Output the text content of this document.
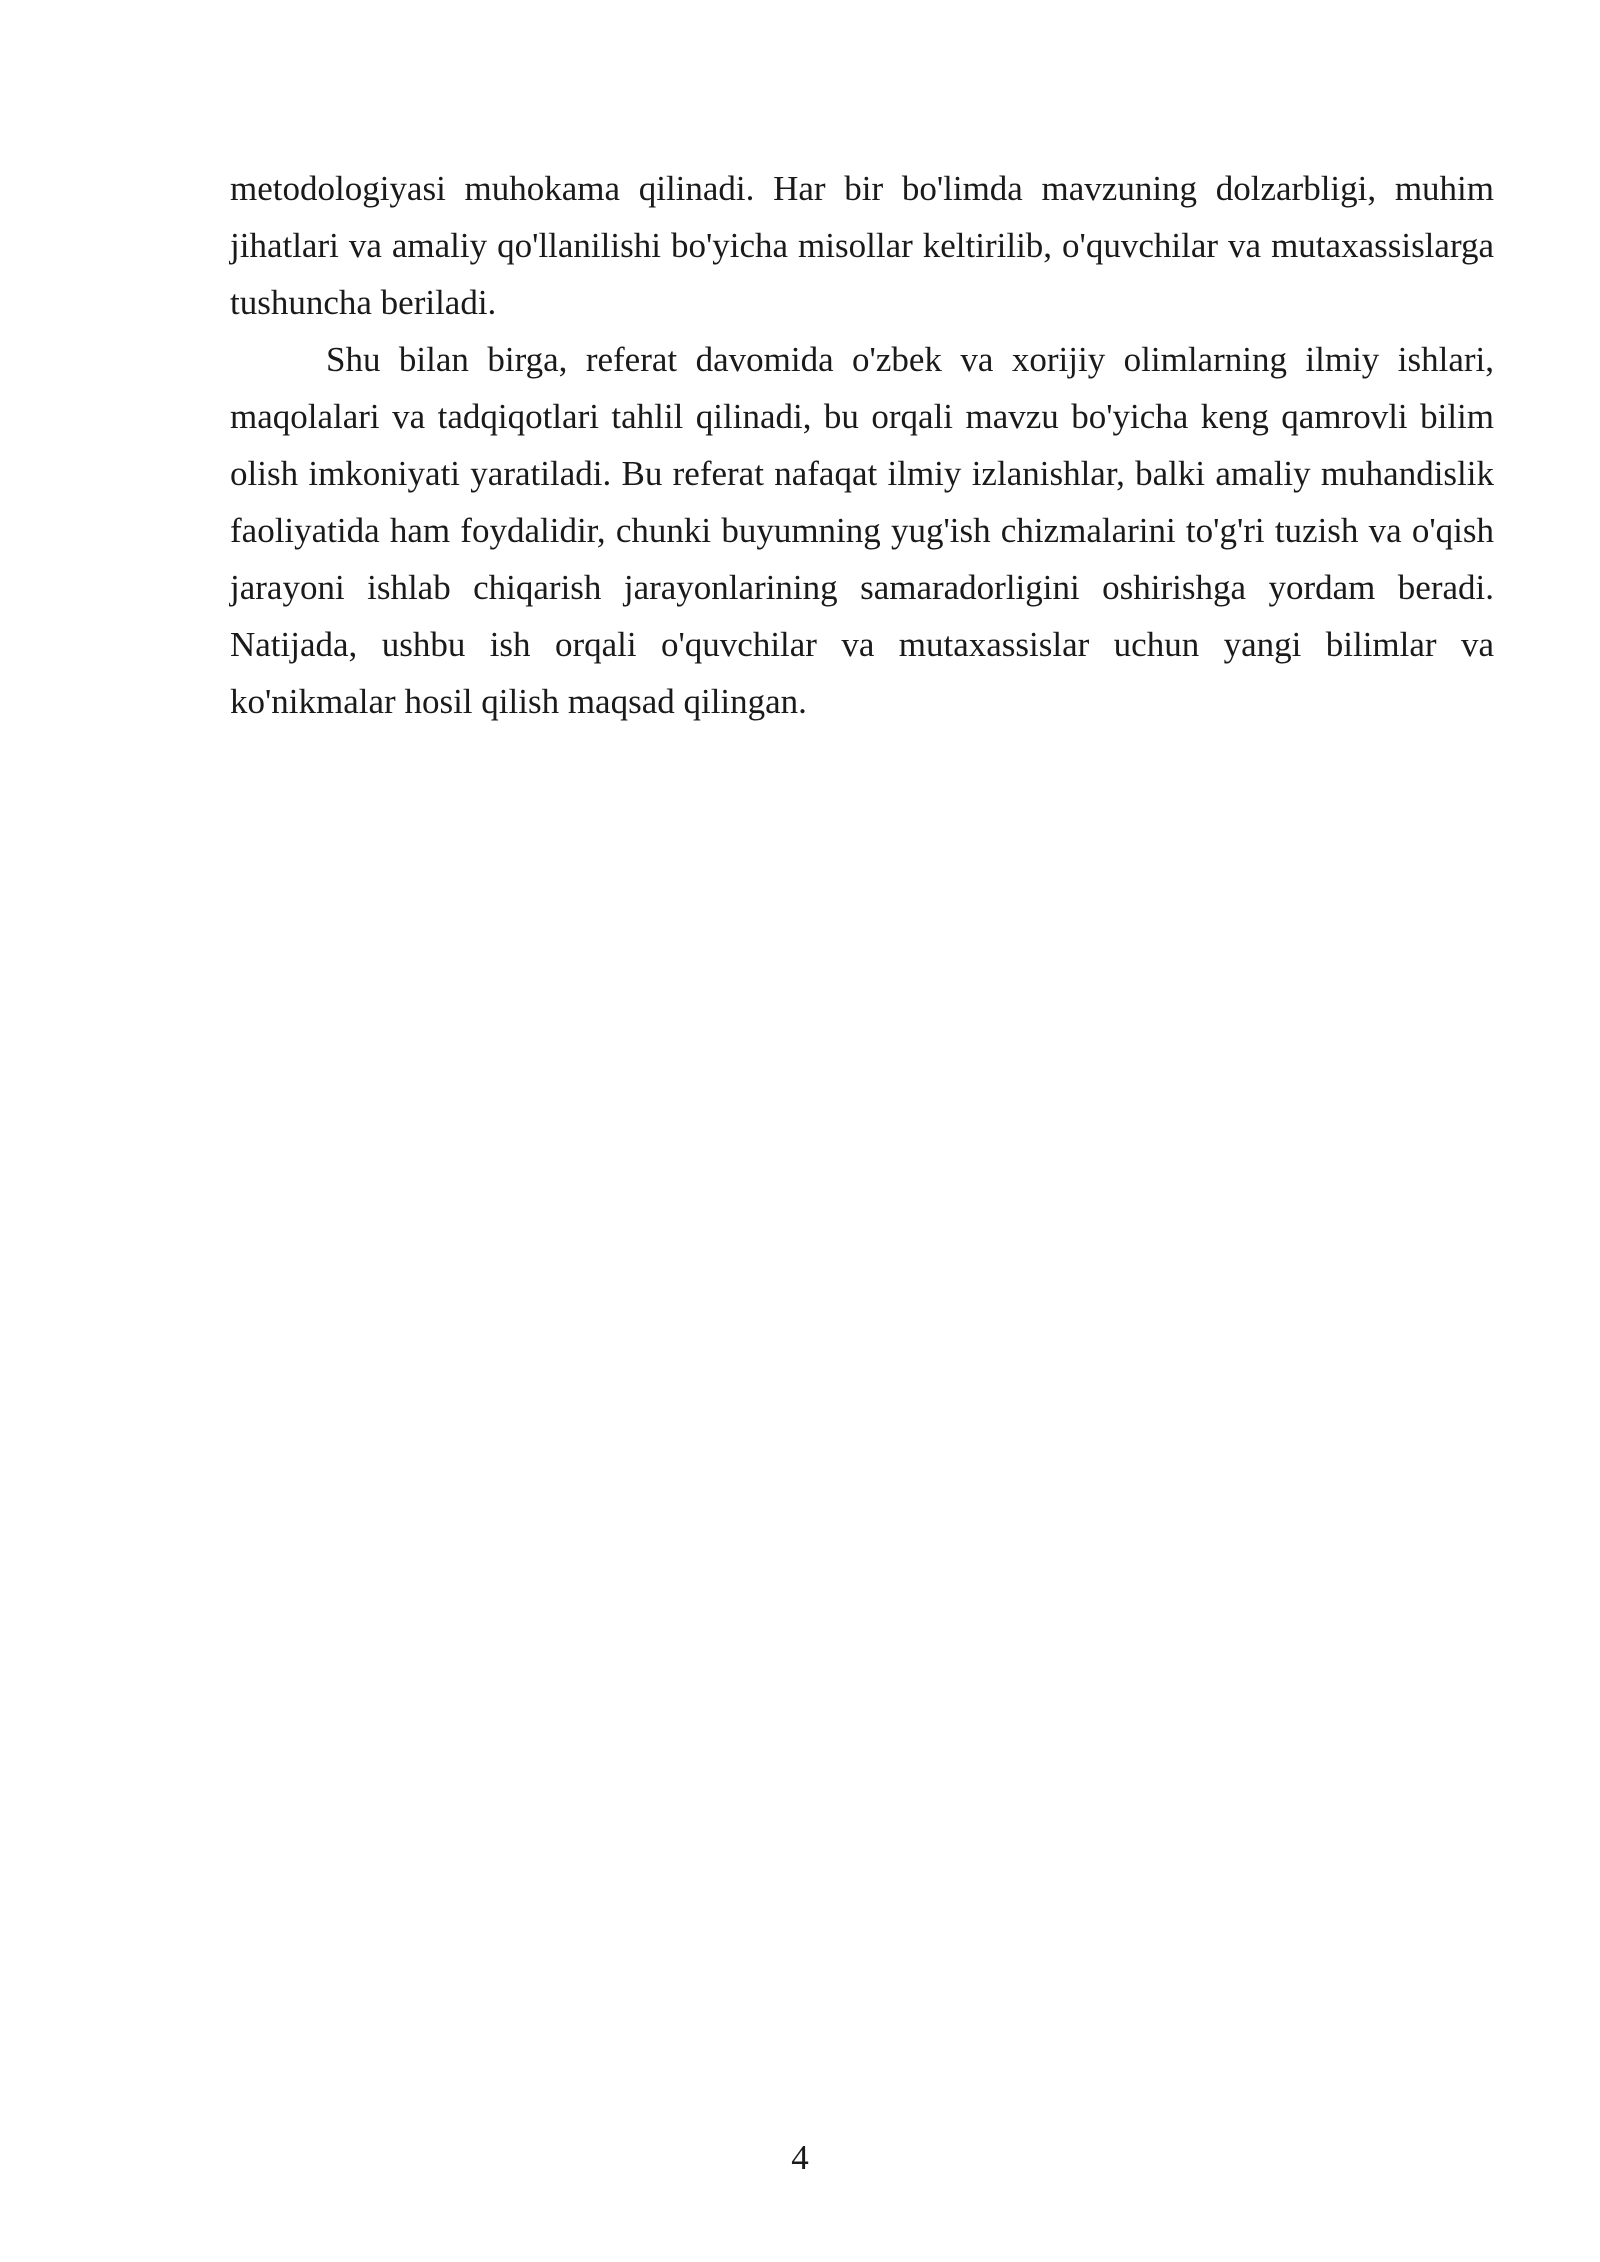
metodologiyasi muhokama qilinadi. Har bir bo'limda mavzuning dolzarbligi, muhim jihatlari va amaliy qo'llanilishi bo'yicha misollar keltirilib, o'quvchilar va mutaxassislarga tushuncha beriladi.

Shu bilan birga, referat davomida o'zbek va xorijiy olimlarning ilmiy ishlari, maqolalari va tadqiqotlari tahlil qilinadi, bu orqali mavzu bo'yicha keng qamrovli bilim olish imkoniyati yaratiladi. Bu referat nafaqat ilmiy izlanishlar, balki amaliy muhandislik faoliyatida ham foydalidir, chunki buyumning yug'ish chizmalarini to'g'ri tuzish va o'qish jarayoni ishlab chiqarish jarayonlarining samaradorligini oshirishga yordam beradi. Natijada, ushbu ish orqali o'quvchilar va mutaxassislar uchun yangi bilimlar va ko'nikmalar hosil qilish maqsad qilingan.

4
